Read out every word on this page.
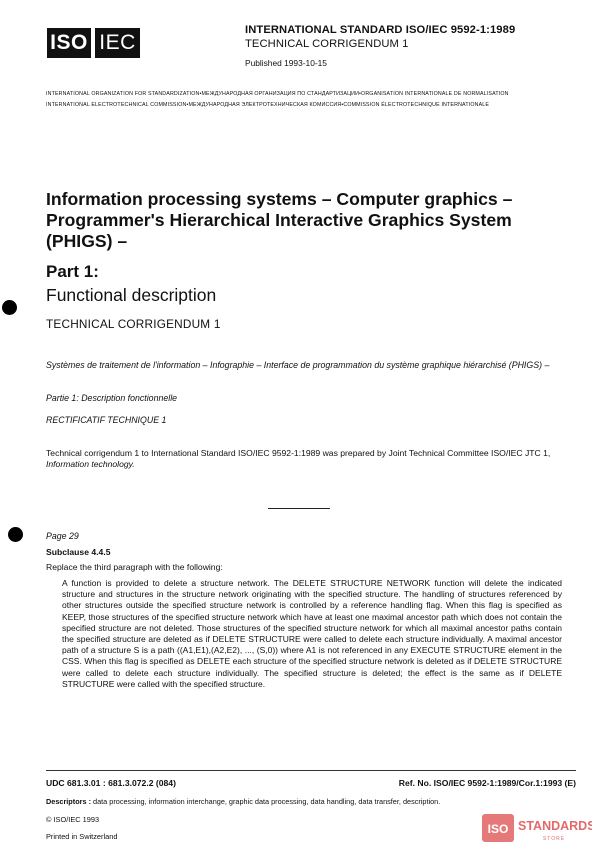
ISO IEC
INTERNATIONAL STANDARD ISO/IEC 9592-1:1989
TECHNICAL CORRIGENDUM 1
Published 1993-10-15
INTERNATIONAL ORGANIZATION FOR STANDARDIZATION•МЕЖДУНАРОДНАЯ ОРГАНИЗАЦИЯ ПО СТАНДАРТИЗАЦИИ•ORGANISATION INTERNATIONALE DE NORMALISATION
INTERNATIONAL ELECTROTECHNICAL COMMISSION•МЕЖДУНАРОДНАЯ ЭЛЕКТРОТЕХНИЧЕСКАЯ КОМИССИЯ•COMMISSION ÉLECTROTECHNIQUE INTERNATIONALE
Information processing systems – Computer graphics – Programmer's Hierarchical Interactive Graphics System (PHIGS) –
Part 1:
Functional description
TECHNICAL CORRIGENDUM 1
Systèmes de traitement de l'information – Infographie – Interface de programmation du système graphique hiérarchisé (PHIGS) –
Partie 1: Description fonctionnelle
RECTIFICATIF TECHNIQUE 1
Technical corrigendum 1 to International Standard ISO/IEC 9592-1:1989 was prepared by Joint Technical Committee ISO/IEC JTC 1, Information technology.
Page 29
Subclause 4.4.5
Replace the third paragraph with the following:
A function is provided to delete a structure network. The DELETE STRUCTURE NETWORK function will delete the indicated structure and structures in the structure network originating with the specified structure. The handling of structures referenced by other structures outside the specified structure network is controlled by a reference handling flag. When this flag is specified as KEEP, those structures of the specified structure network which have at least one maximal ancestor path which does not contain the specified structure are not deleted. Those structures of the specified structure network for which all maximal ancestor paths contain the specified structure are deleted as if DELETE STRUCTURE were called to delete each structure individually. A maximal ancestor path of a structure S is a path ((A1,E1),(A2,E2), ..., (S,0)) where A1 is not referenced in any EXECUTE STRUCTURE element in the CSS. When this flag is specified as DELETE each structure of the specified structure network is deleted as if DELETE STRUCTURE were called to delete each structure individually. The specified structure is deleted; the effect is the same as if DELETE STRUCTURE were called with the specified structure.
UDC 681.3.01 : 681.3.072.2 (084)	Ref. No. ISO/IEC 9592-1:1989/Cor.1:1993 (E)
Descriptors : data processing, information interchange, graphic data processing, data handling, data transfer, description.
© ISO/IEC 1993
Printed in Switzerland
ISO STANDARDS
STORE
